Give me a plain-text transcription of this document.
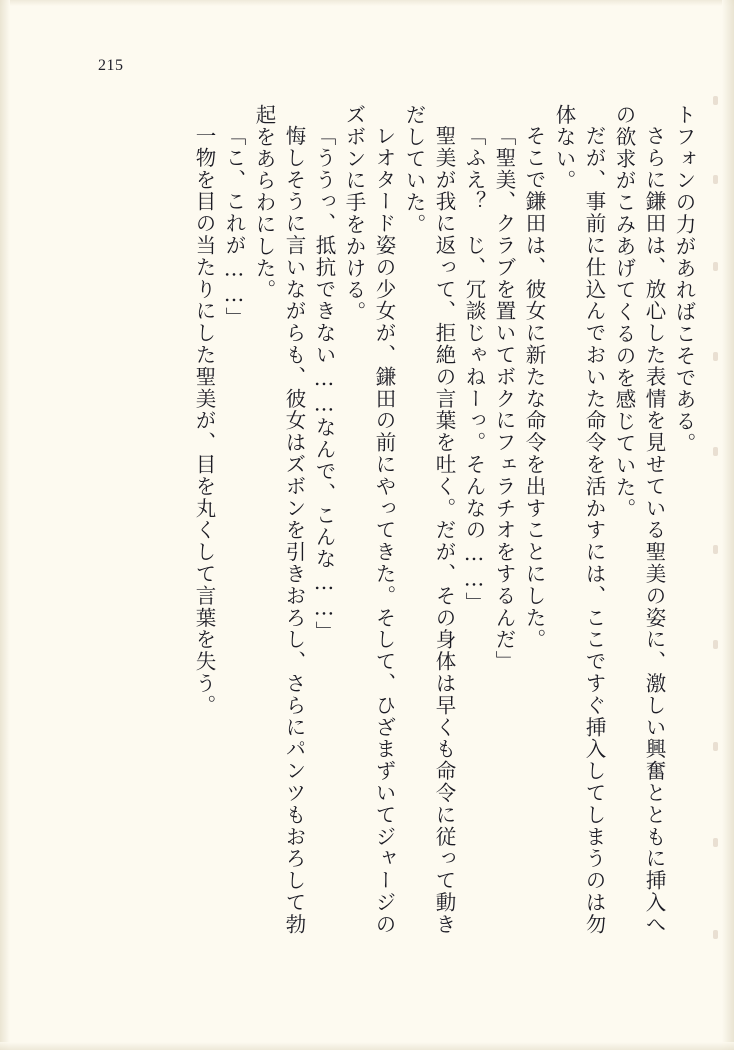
215
トフォンの力があればこそである。
さらに鎌田は、放心した表情を見せている聖美の姿に、激しい興奮とともに挿入へ
の欲求がこみあげてくるのを感じていた。
だが、事前に仕込んでおいた命令を活かすには、ここですぐ挿入してしまうのは勿
体ない。
そこで鎌田は、彼女に新たな命令を出すことにした。
「聖美、クラブを置いてボクにフェラチオをするんだ」
「ふえ？　じ、冗談じゃねーっ。そんなの……」
聖美が我に返って、拒絶の言葉を吐く。だが、その身体は早くも命令に従って動き
だしていた。
レオタード姿の少女が、鎌田の前にやってきた。そして、ひざまずいてジャージの
ズボンに手をかける。
「ううっ、抵抗できない……なんで、こんな……」
悔しそうに言いながらも、彼女はズボンを引きおろし、さらにパンツもおろして勃
起をあらわにした。
「こ、これが……」
一物を目の当たりにした聖美が、目を丸くして言葉を失う。
